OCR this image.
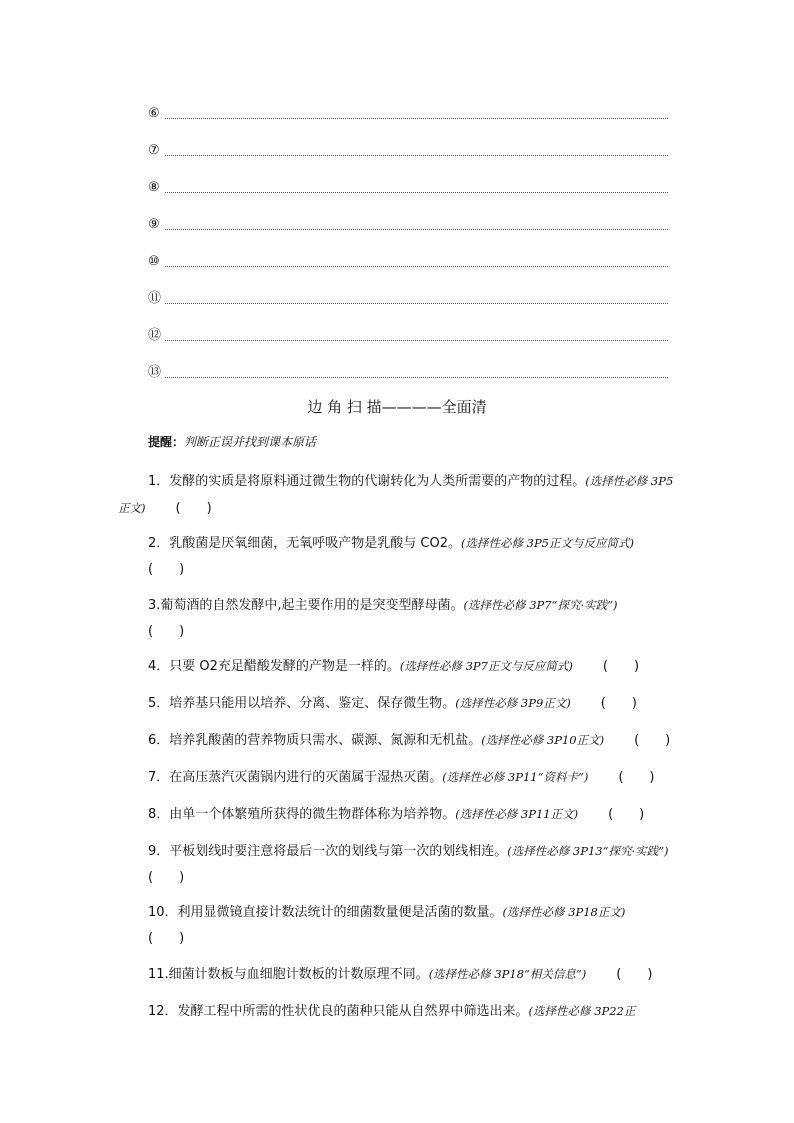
⑥
⑦
⑧
⑨
⑩
⑪
⑫
⑬
边 角 扫 描————全面清
提醒：判断正误并找到课本原话
1．发酵的实质是将原料通过微生物的代谢转化为人类所需要的产物的过程。(选择性必修 3P5正文) (　　)
2．乳酸菌是厌氧细菌，无氧呼吸产物是乳酸与 CO2。(选择性必修 3P5正文与反应简式)(　　)
3.葡萄酒的自然发酵中,起主要作用的是突变型酵母菌。(选择性必修 3P7“探究·实践”)(　　)
4．只要 O2充足醋酸发酵的产物是一样的。(选择性必修 3P7正文与反应简式) (　　)
5．培养基只能用以培养、分离、鉴定、保存微生物。(选择性必修 3P9正文) (　　)
6．培养乳酸菌的营养物质只需水、碳源、氮源和无机盐。(选择性必修 3P10正文) (　　)
7．在高压蒸汽灭菌锅内进行的灭菌属于湿热灭菌。(选择性必修 3P11“资料卡”) (　　)
8．由单一个体繁殖所获得的微生物群体称为培养物。(选择性必修 3P11正文) (　　)
9．平板划线时要注意将最后一次的划线与第一次的划线相连。(选择性必修 3P13“探究·实践”)(　　)
10．利用显微镜直接计数法统计的细菌数量便是活菌的数量。(选择性必修 3P18正文)(　　)
11.细菌计数板与血细胞计数板的计数原理不同。(选择性必修 3P18“相关信息”) (　　)
12．发酵工程中所需的性状优良的菌种只能从自然界中筛选出来。(选择性必修 3P22正
